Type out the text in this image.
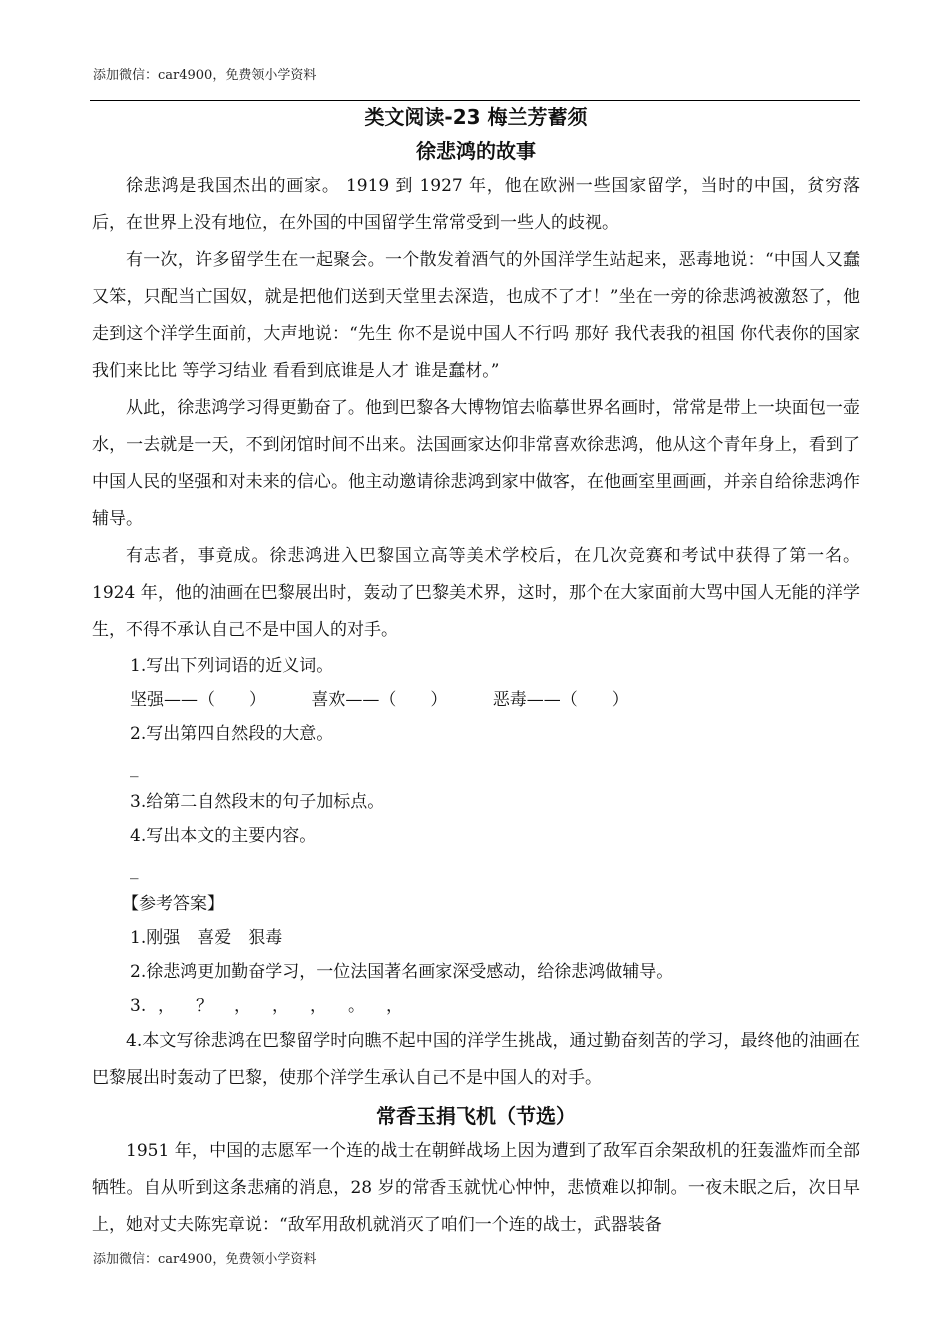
添加微信：car4900，免费领小学资料
类文阅读-23 梅兰芳蓄须
徐悲鸿的故事

徐悲鸿是我国杰出的画家。 1919 到 1927 年，他在欧洲一些国家留学，当时的中国，贫穷落后，在世界上没有地位，在外国的中国留学生常常受到一些人的歧视。

有一次，许多留学生在一起聚会。一个散发着酒气的外国洋学生站起来，恶毒地说：“中国人又蠢又笨，只配当亡国奴，就是把他们送到天堂里去深造，也成不了才！”坐在一旁的徐悲鸿被激怒了，他走到这个洋学生面前，大声地说：“先生 你不是说中国人不行吗 那好 我代表我的祖国 你代表你的国家 我们来比比 等学习结业 看看到底谁是人才 谁是蠢材。”

从此，徐悲鸿学习得更勤奋了。他到巴黎各大博物馆去临摹世界名画时，常常是带上一块面包一壶水，一去就是一天，不到闭馆时间不出来。法国画家达仰非常喜欢徐悲鸿，他从这个青年身上，看到了中国人民的坚强和对未来的信心。他主动邀请徐悲鸿到家中做客，在他画室里画画，并亲自给徐悲鸿作辅导。

有志者，事竟成。徐悲鸿进入巴黎国立高等美术学校后，在几次竞赛和考试中获得了第一名。1924 年，他的油画在巴黎展出时，轰动了巴黎美术界，这时，那个在大家面前大骂中国人无能的洋学生，不得不承认自己不是中国人的对手。

1.写出下列词语的近义词。

坚强——（　　）	喜欢——（　　）	恶毒——（　　）

2.写出第四自然段的大意。

_

3.给第二自然段末的句子加标点。

4.写出本文的主要内容。

_

【参考答案】

1.刚强　喜爱　狠毒

2.徐悲鸿更加勤奋学习，一位法国著名画家深受感动，给徐悲鸿做辅导。

3. ， ？ ， ， ， 。 ，

4.本文写徐悲鸿在巴黎留学时向瞧不起中国的洋学生挑战，通过勤奋刻苦的学习，最终他的油画在巴黎展出时轰动了巴黎，使那个洋学生承认自己不是中国人的对手。

常香玉捐飞机（节选）

1951 年，中国的志愿军一个连的战士在朝鲜战场上因为遭到了敌军百余架敌机的狂轰滥炸而全部牺牲。自从听到这条悲痛的消息，28 岁的常香玉就忧心忡忡，悲愤难以抑制。一夜未眠之后，次日早上，她对丈夫陈宪章说：“敌军用敌机就消灭了咱们一个连的战士，武器装备

添加微信：car4900，免费领小学资料
